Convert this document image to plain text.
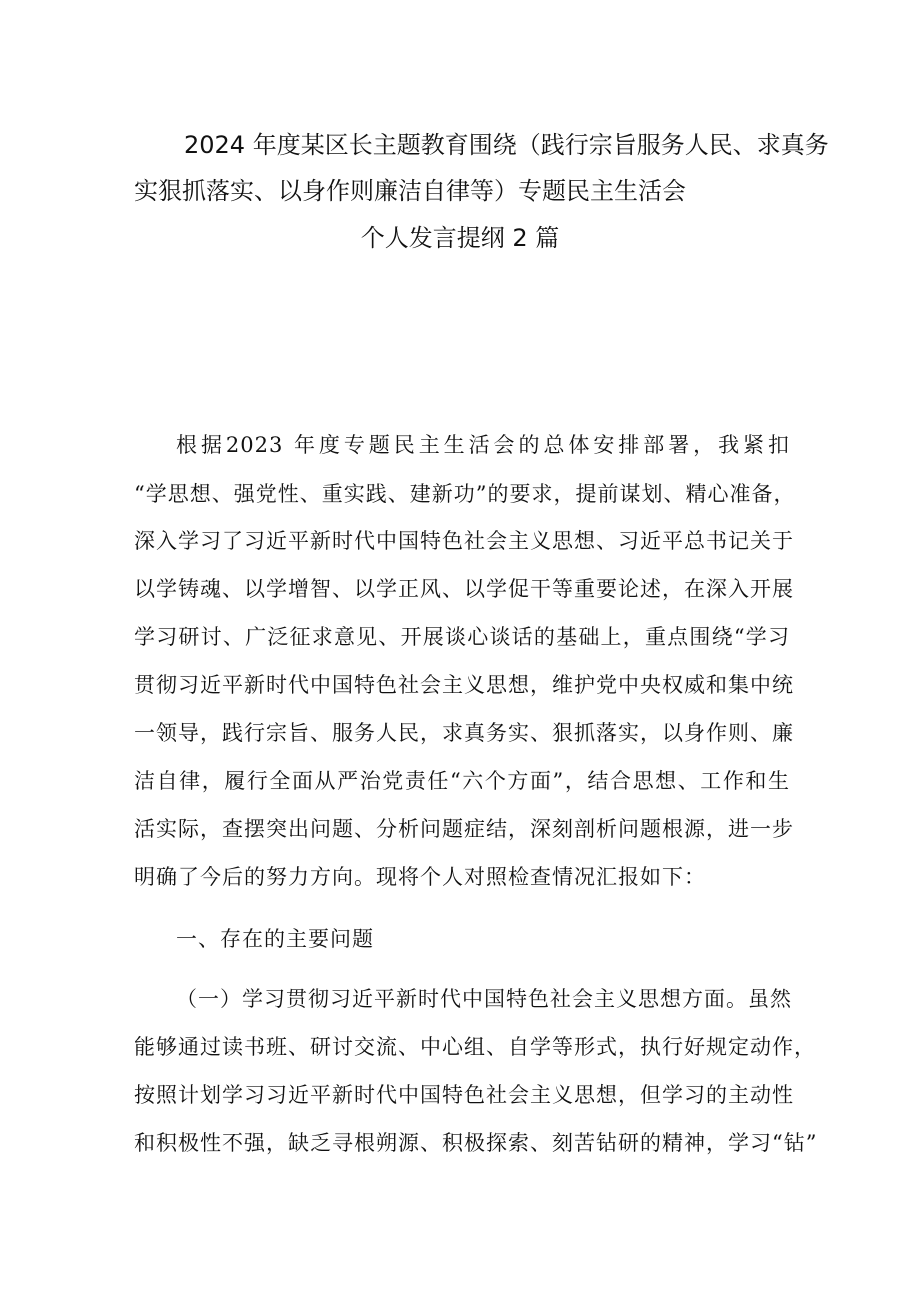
2024 年度某区长主题教育围绕（践行宗旨服务人民、求真务
实狠抓落实、以身作则廉洁自律等）专题民主生活会
个人发言提纲 2 篇
根据2023 年度专题民主生活会的总体安排部署，我紧扣
“学思想、强党性、重实践、建新功”的要求，提前谋划、精心准备，
深入学习了习近平新时代中国特色社会主义思想、习近平总书记关于
以学铸魂、以学增智、以学正风、以学促干等重要论述，在深入开展
学习研讨、广泛征求意见、开展谈心谈话的基础上，重点围绕“学习
贯彻习近平新时代中国特色社会主义思想，维护党中央权威和集中统
一领导，践行宗旨、服务人民，求真务实、狠抓落实，以身作则、廉
洁自律，履行全面从严治党责任“六个方面”，结合思想、工作和生
活实际，查摆突出问题、分析问题症结，深刻剖析问题根源，进一步
明确了今后的努力方向。现将个人对照检查情况汇报如下：
一、存在的主要问题
（一）学习贯彻习近平新时代中国特色社会主义思想方面。虽然
能够通过读书班、研讨交流、中心组、自学等形式，执行好规定动作，
按照计划学习习近平新时代中国特色社会主义思想，但学习的主动性
和积极性不强，缺乏寻根朔源、积极探索、刻苦钻研的精神，学习“钻”
